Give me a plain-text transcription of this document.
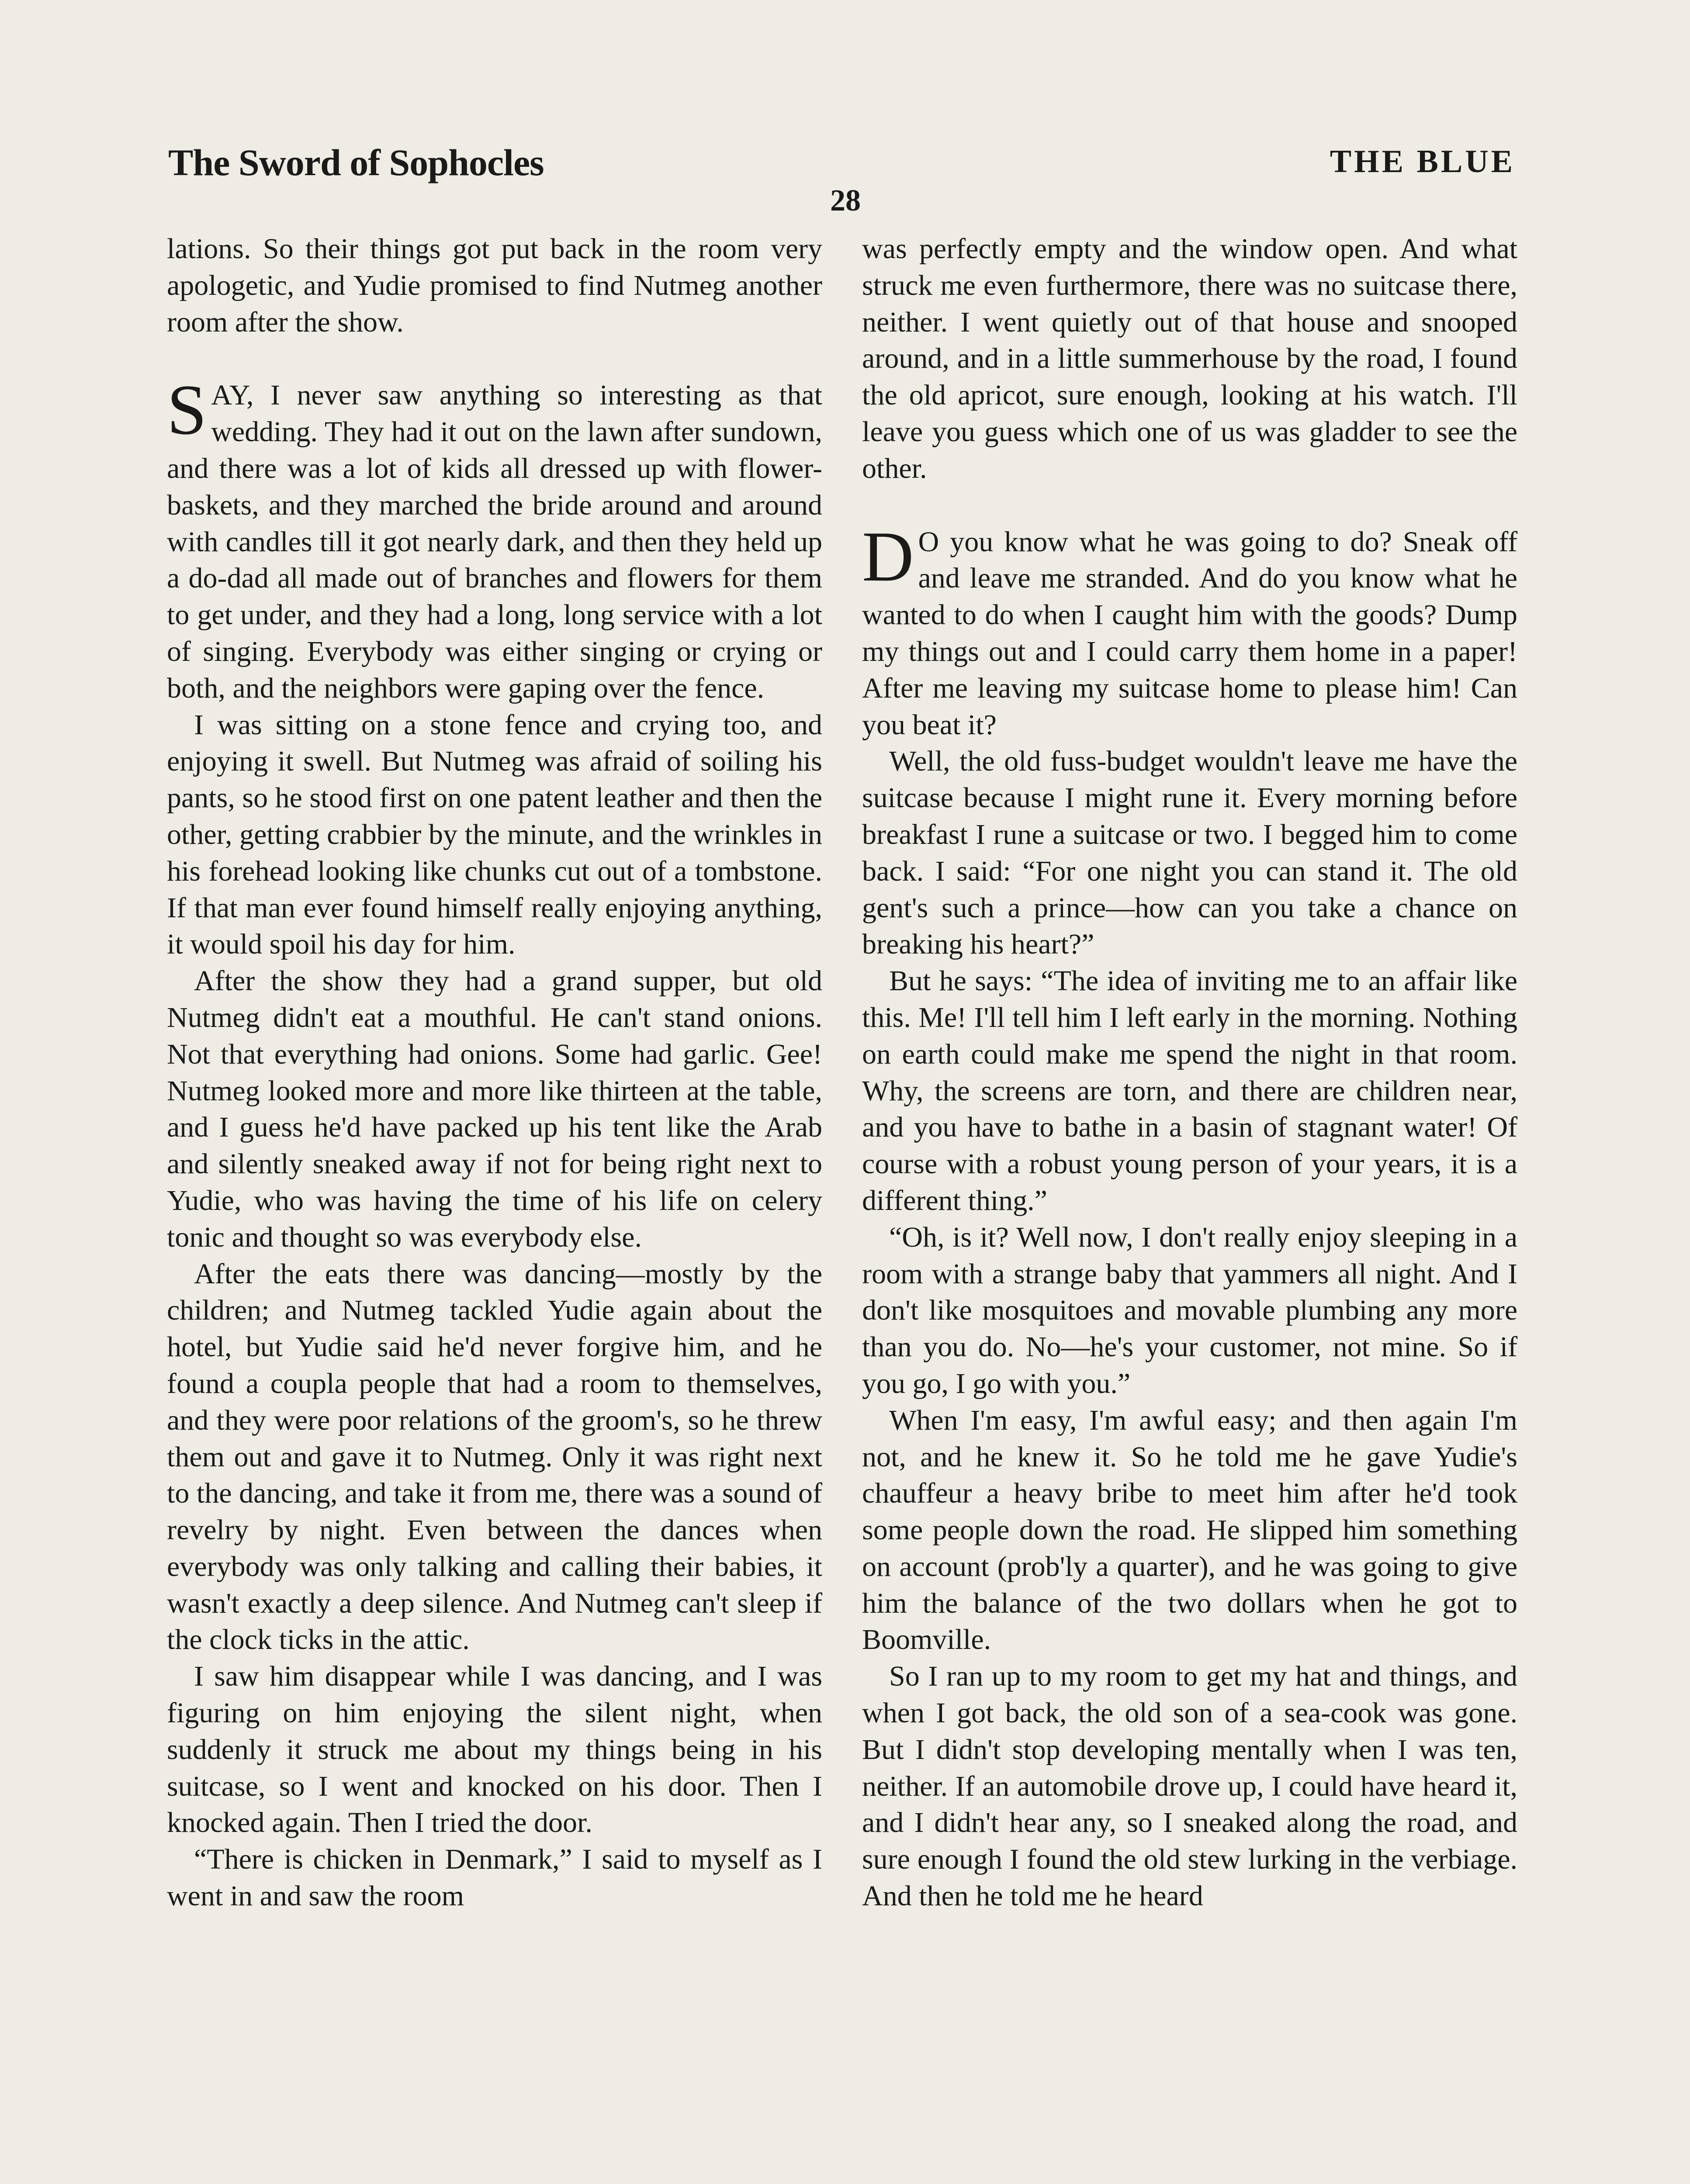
The Sword of Sophocles	THE BLUE
28

lations. So their things got put back in the room very apologetic, and Yudie promised to find Nutmeg another room after the show.

SAY, I never saw anything so interesting as that wedding. They had it out on the lawn after sundown, and there was a lot of kids all dressed up with flower-baskets, and they marched the bride around and around with candles till it got nearly dark, and then they held up a do-dad all made out of branches and flowers for them to get under, and they had a long, long service with a lot of singing. Everybody was either singing or crying or both, and the neighbors were gaping over the fence.

I was sitting on a stone fence and crying too, and enjoying it swell. But Nutmeg was afraid of soiling his pants, so he stood first on one patent leather and then the other, getting crabbier by the minute, and the wrinkles in his forehead looking like chunks cut out of a tombstone. If that man ever found himself really enjoying anything, it would spoil his day for him.

After the show they had a grand supper, but old Nutmeg didn't eat a mouthful. He can't stand onions. Not that everything had onions. Some had garlic. Gee! Nutmeg looked more and more like thirteen at the table, and I guess he'd have packed up his tent like the Arab and silently sneaked away if not for being right next to Yudie, who was having the time of his life on celery tonic and thought so was everybody else.

After the eats there was dancing—mostly by the children; and Nutmeg tackled Yudie again about the hotel, but Yudie said he'd never forgive him, and he found a coupla people that had a room to themselves, and they were poor relations of the groom's, so he threw them out and gave it to Nutmeg. Only it was right next to the dancing, and take it from me, there was a sound of revelry by night. Even between the dances when everybody was only talking and calling their babies, it wasn't exactly a deep silence. And Nutmeg can't sleep if the clock ticks in the attic.

I saw him disappear while I was dancing, and I was figuring on him enjoying the silent night, when suddenly it struck me about my things being in his suitcase, so I went and knocked on his door. Then I knocked again. Then I tried the door.

“There is chicken in Denmark,” I said to myself as I went in and saw the room

was perfectly empty and the window open. And what struck me even furthermore, there was no suitcase there, neither. I went quietly out of that house and snooped around, and in a little summerhouse by the road, I found the old apricot, sure enough, looking at his watch. I'll leave you guess which one of us was gladder to see the other.

D O you know what he was going to do? Sneak off and leave me stranded. And do you know what he wanted to do when I caught him with the goods? Dump my things out and I could carry them home in a paper! After me leaving my suitcase home to please him! Can you beat it?

Well, the old fuss-budget wouldn't leave me have the suitcase because I might rune it. Every morning before breakfast I rune a suitcase or two. I begged him to come back. I said: “For one night you can stand it. The old gent's such a prince—how can you take a chance on breaking his heart?”

But he says: “The idea of inviting me to an affair like this. Me! I'll tell him I left early in the morning. Nothing on earth could make me spend the night in that room. Why, the screens are torn, and there are children near, and you have to bathe in a basin of stagnant water! Of course with a robust young person of your years, it is a different thing.”

“Oh, is it? Well now, I don't really enjoy sleeping in a room with a strange baby that yammers all night. And I don't like mosquitoes and movable plumbing any more than you do. No—he's your customer, not mine. So if you go, I go with you.”

When I'm easy, I'm awful easy; and then again I'm not, and he knew it. So he told me he gave Yudie's chauffeur a heavy bribe to meet him after he'd took some people down the road. He slipped him something on account (prob'ly a quarter), and he was going to give him the balance of the two dollars when he got to Boomville.

So I ran up to my room to get my hat and things, and when I got back, the old son of a sea-cook was gone. But I didn't stop developing mentally when I was ten, neither. If an automobile drove up, I could have heard it, and I didn't hear any, so I sneaked along the road, and sure enough I found the old stew lurking in the verbiage. And then he told me he heard
